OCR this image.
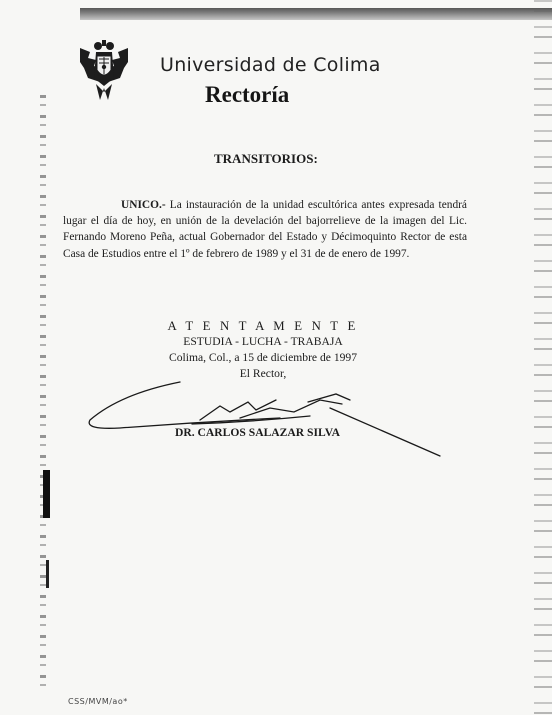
Universidad de Colima
Rectoría
TRANSITORIOS:
UNICO.- La instauración de la unidad escultórica antes expresada tendrá lugar el día de hoy, en unión de la develación del bajorrelieve de la imagen del Lic. Fernando Moreno Peña, actual Gobernador del Estado y Décimoquinto Rector de esta Casa de Estudios entre el 1º de febrero de 1989 y el 31 de de enero de 1997.
A T E N T A M E N T E
ESTUDIA - LUCHA - TRABAJA
Colima, Col., a 15 de diciembre de 1997
El Rector,
DR. CARLOS SALAZAR SILVA
CSS/MVM/ao*
